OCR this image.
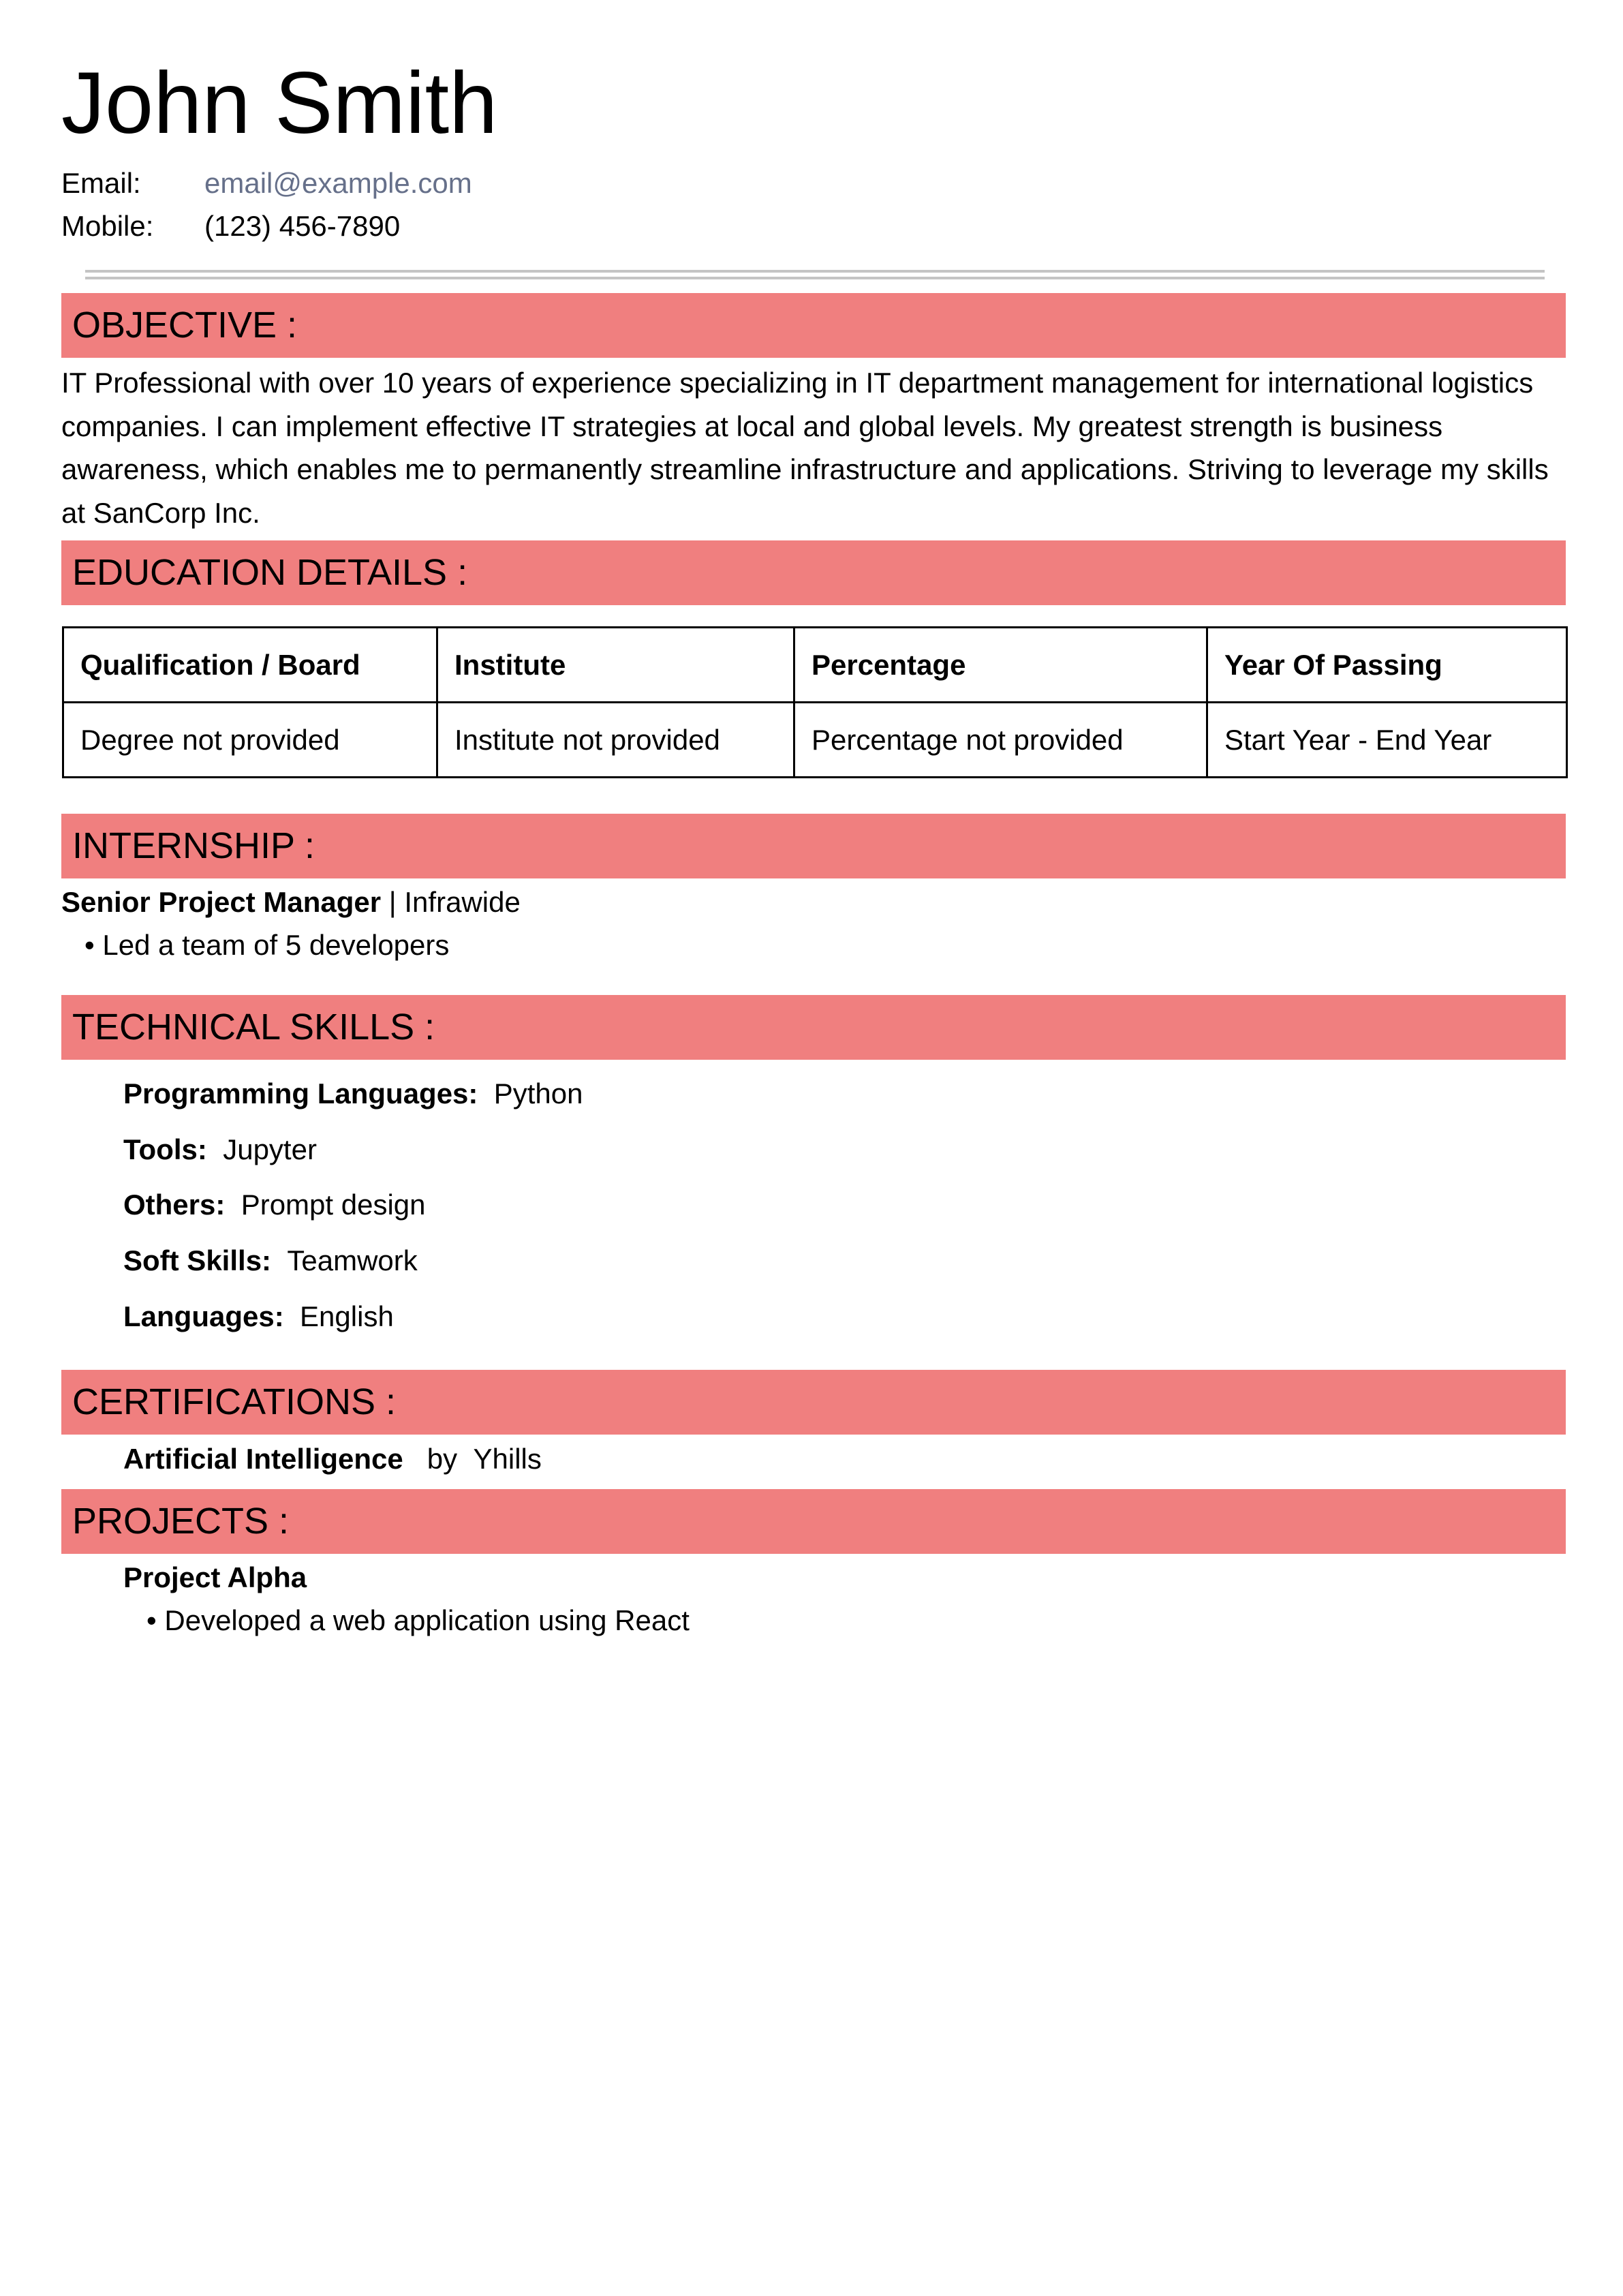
John Smith
Email: email@example.com
Mobile: (123) 456-7890
OBJECTIVE :

IT Professional with over 10 years of experience specializing in IT department management for international logistics companies. I can implement effective IT strategies at local and global levels. My greatest strength is business awareness, which enables me to permanently streamline infrastructure and applications. Striving to leverage my skills at SanCorp Inc.

EDUCATION DETAILS :
Qualification / Board	Institute	Percentage	Year Of Passing
Degree not provided	Institute not provided	Percentage not provided	Start Year - End Year
INTERNSHIP :
Senior Project Manager | Infrawide
• Led a team of 5 developers
TECHNICAL SKILLS :
Programming Languages: Python
Tools: Jupyter
Others: Prompt design
Soft Skills: Teamwork
Languages: English
CERTIFICATIONS :
Artificial Intelligence by Yhills
PROJECTS :
Project Alpha
• Developed a web application using React
